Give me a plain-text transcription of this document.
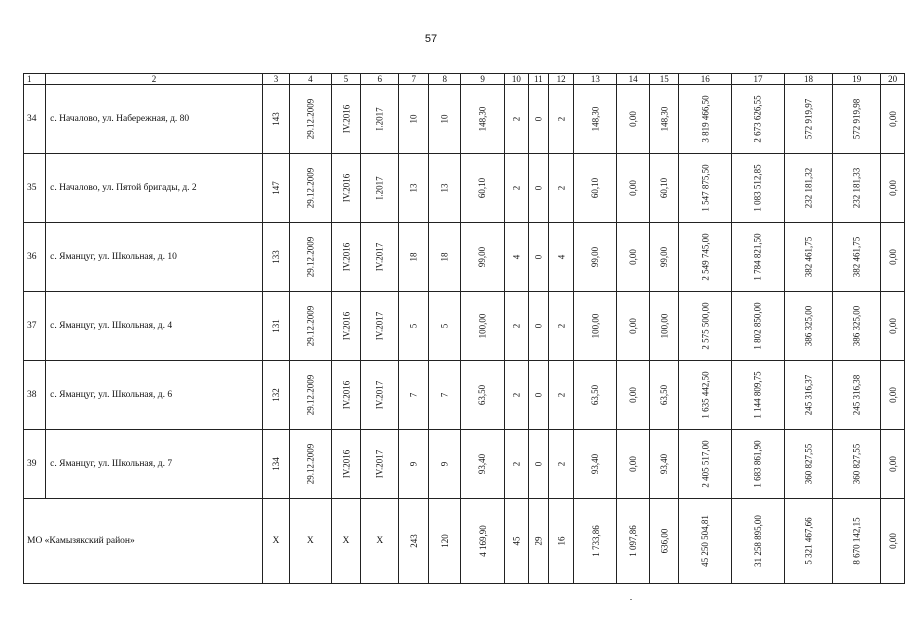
57
1	2	3	4	5	6	7	8	9	10	11	12	13	14	15	16	17	18	19	20
34	с. Началово, ул. Набережная, д. 80	143	29.12.2009	IV.2016	I.2017	10	10	148,30	2	0	2	148,30	0,00	148,30	3 819 466,50	2 673 626,55	572 919,97	572 919,98	0,00
35	с. Началово, ул. Пятой бригады, д. 2	147	29.12.2009	IV.2016	I.2017	13	13	60,10	2	0	2	60,10	0,00	60,10	1 547 875,50	1 083 512,85	232 181,32	232 181,33	0,00
36	с. Яманцуг, ул. Школьная, д. 10	133	29.12.2009	IV.2016	IV.2017	18	18	99,00	4	0	4	99,00	0,00	99,00	2 549 745,00	1 784 821,50	382 461,75	382 461,75	0,00
37	с. Яманцуг, ул. Школьная, д. 4	131	29.12.2009	IV.2016	IV.2017	5	5	100,00	2	0	2	100,00	0,00	100,00	2 575 500,00	1 802 850,00	386 325,00	386 325,00	0,00
38	с. Яманцуг, ул. Школьная, д. 6	132	29.12.2009	IV.2016	IV.2017	7	7	63,50	2	0	2	63,50	0,00	63,50	1 635 442,50	1 144 809,75	245 316,37	245 316,38	0,00
39	с. Яманцуг, ул. Школьная, д. 7	134	29.12.2009	IV.2016	IV.2017	9	9	93,40	2	0	2	93,40	0,00	93,40	2 405 517,00	1 683 861,90	360 827,55	360 827,55	0,00
МО «Камызякский район»		Х	Х	Х	Х	243	120	4 169,90	45	29	16	1 733,86	1 097,86	636,00	45 250 504,81	31 258 895,00	5 321 467,66	8 670 142,15	0,00
